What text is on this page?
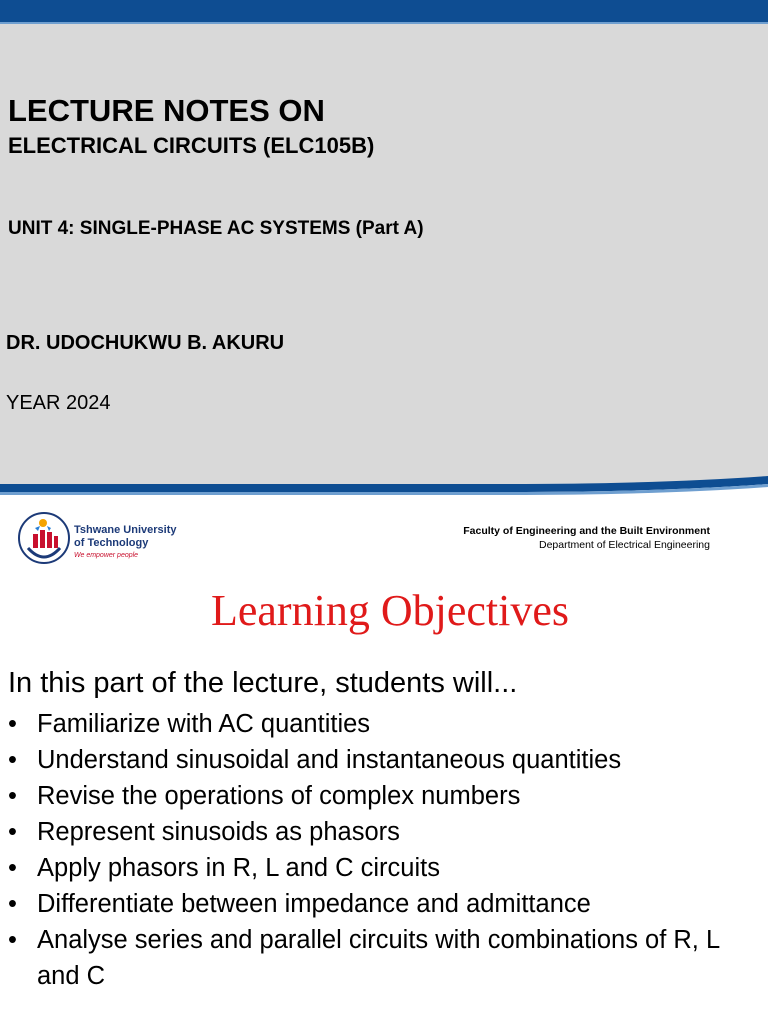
LECTURE NOTES ON
ELECTRICAL CIRCUITS (ELC105B)
UNIT 4: SINGLE-PHASE AC SYSTEMS (Part A)
DR. UDOCHUKWU B. AKURU
YEAR 2024
Tshwane University
of Technology
We empower people
Faculty of Engineering and the Built Environment
Department of Electrical Engineering
Learning Objectives
In this part of the lecture, students will...
• Familiarize with AC quantities
• Understand sinusoidal and instantaneous quantities
• Revise the operations of complex numbers
• Represent sinusoids as phasors
• Apply phasors in R, L and C circuits
• Differentiate between impedance and admittance
• Analyse series and parallel circuits with combinations of R, L and C
